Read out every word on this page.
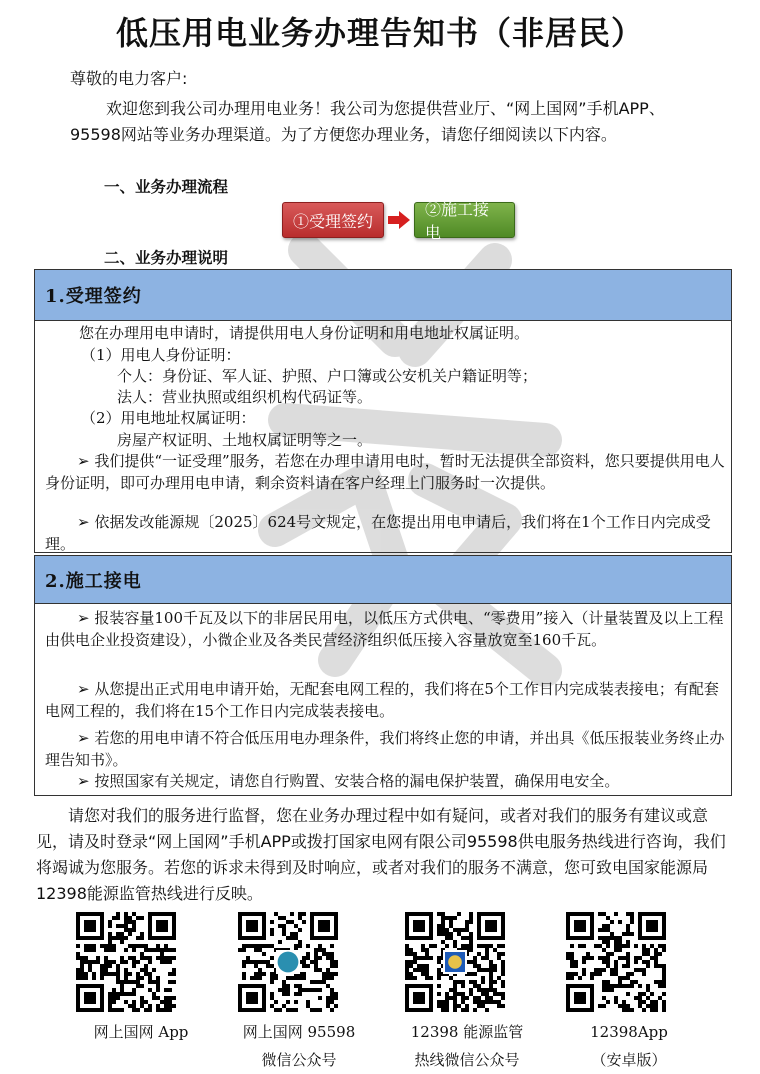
低压用电业务办理告知书（非居民）
尊敬的电力客户:
欢迎您到我公司办理用电业务！我公司为您提供营业厅、“网上国网”手机APP、95598网站等业务办理渠道。为了方便您办理业务，请您仔细阅读以下内容。
一、业务办理流程
①受理签约
②施工接电
二、业务办理说明
1.受理签约
您在办理用电申请时，请提供用电人身份证明和用电地址权属证明。
（1）用电人身份证明：
个人：身份证、军人证、护照、户口簿或公安机关户籍证明等；
法人：营业执照或组织机构代码证等。
（2）用电地址权属证明：
房屋产权证明、土地权属证明等之一。
➢ 我们提供“一证受理”服务，若您在办理申请用电时，暂时无法提供全部资料，您只要提供用电人身份证明，即可办理用电申请，剩余资料请在客户经理上门服务时一次提供。
➢ 依据发改能源规〔2025〕624号文规定，在您提出用电申请后，我们将在1个工作日内完成受理。
2.施工接电
➢ 报装容量100千瓦及以下的非居民用电，以低压方式供电、“零费用”接入（计量装置及以上工程由供电企业投资建设），小微企业及各类民营经济组织低压接入容量放宽至160千瓦。
➢ 从您提出正式用电申请开始，无配套电网工程的，我们将在5个工作日内完成装表接电；有配套电网工程的，我们将在15个工作日内完成装表接电。
➢ 若您的用电申请不符合低压用电办理条件，我们将终止您的申请，并出具《低压报装业务终止办理告知书》。
➢ 按照国家有关规定，请您自行购置、安装合格的漏电保护装置，确保用电安全。
请您对我们的服务进行监督，您在业务办理过程中如有疑问，或者对我们的服务有建议或意见，请及时登录“网上国网”手机APP或拨打国家电网有限公司95598供电服务热线进行咨询，我们将竭诚为您服务。若您的诉求未得到及时响应，或者对我们的服务不满意，您可致电国家能源局12398能源监管热线进行反映。
网上国网 App	网上国网 95598
微信公众号
12398 能源监管
热线微信公众号
12398App
（安卓版）
